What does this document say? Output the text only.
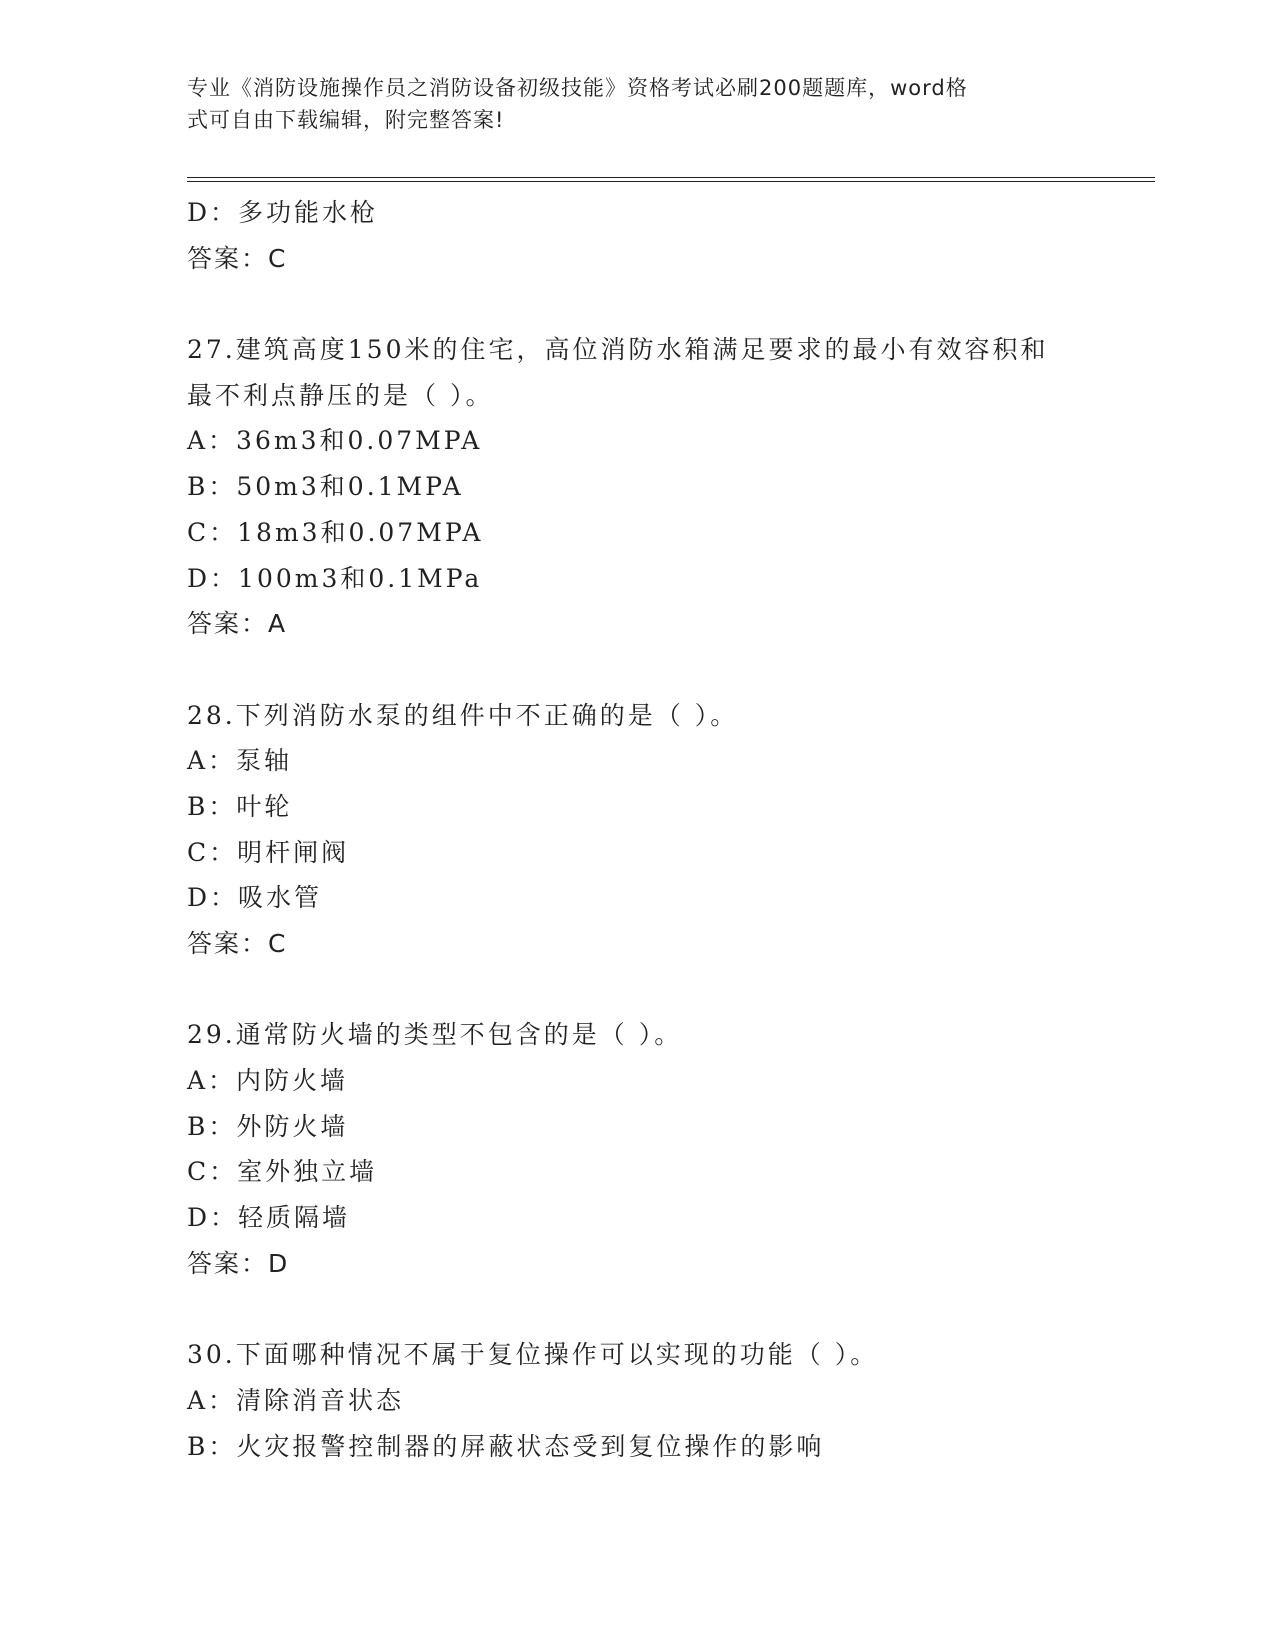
专业《消防设施操作员之消防设备初级技能》资格考试必刷200题题库，word格
式可自由下载编辑，附完整答案!
D：多功能水枪
答案：C
27.建筑高度150米的住宅，高位消防水箱满足要求的最小有效容积和
最不利点静压的是（ ）。
A：36m3和0.07MPA
B：50m3和0.1MPA
C：18m3和0.07MPA
D：100m3和0.1MPa
答案：A
28.下列消防水泵的组件中不正确的是（ ）。
A：泵轴
B：叶轮
C：明杆闸阀
D：吸水管
答案：C
29.通常防火墙的类型不包含的是（ ）。
A：内防火墙
B：外防火墙
C：室外独立墙
D：轻质隔墙
答案：D
30.下面哪种情况不属于复位操作可以实现的功能（ ）。
A：清除消音状态
B：火灾报警控制器的屏蔽状态受到复位操作的影响
